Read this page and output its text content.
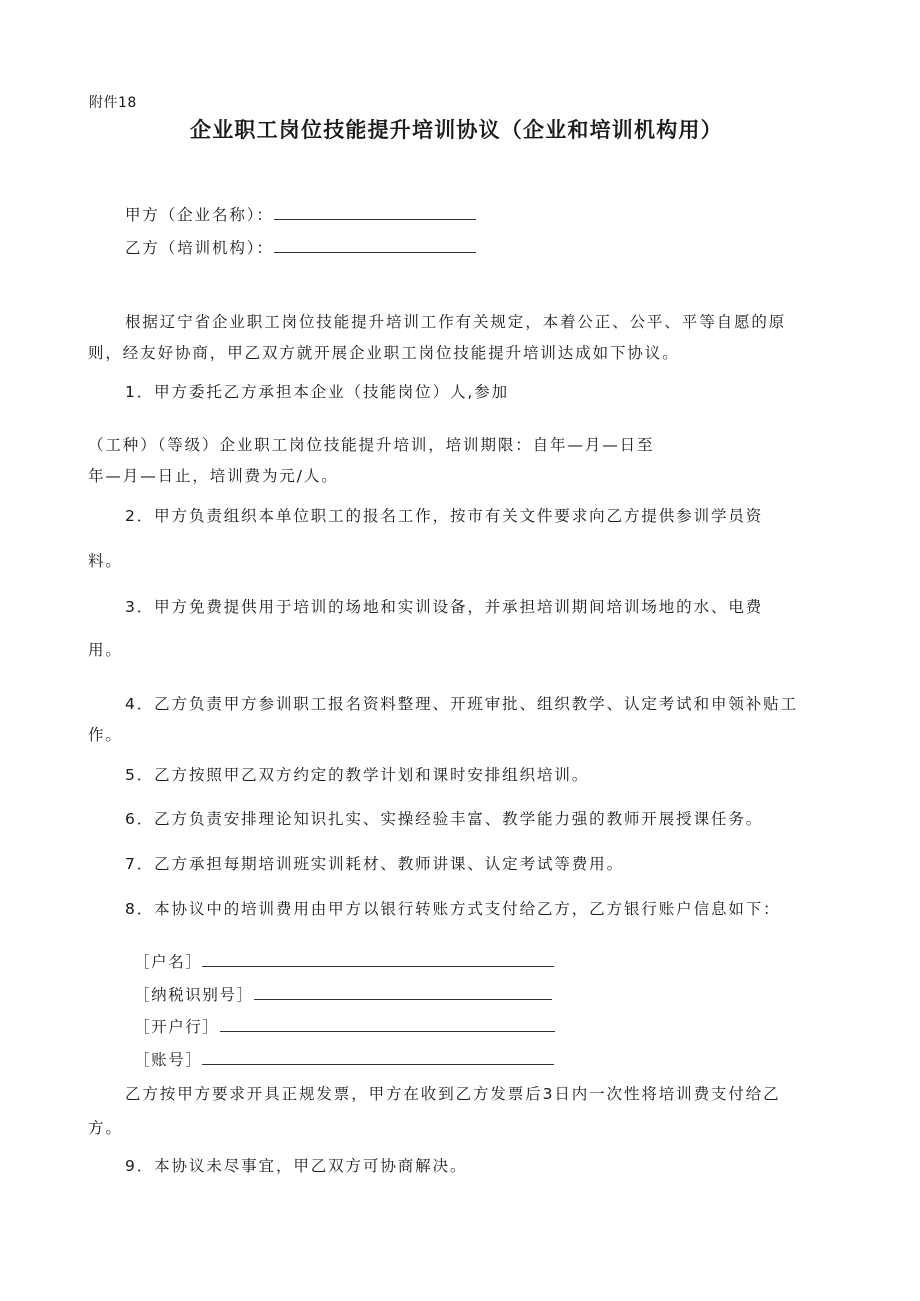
附件18
企业职工岗位技能提升培训协议（企业和培训机构用）
甲方（企业名称）：
乙方（培训机构）：
根据辽宁省企业职工岗位技能提升培训工作有关规定，本着公正、公平、平等自愿的原
则，经友好协商，甲乙双方就开展企业职工岗位技能提升培训达成如下协议。
1．甲方委托乙方承担本企业（技能岗位）人,参加
（工种）（等级）企业职工岗位技能提升培训，培训期限：自年—月—日至
年—月—日止，培训费为元/人。
2．甲方负责组织本单位职工的报名工作，按市有关文件要求向乙方提供参训学员资
料。
3．甲方免费提供用于培训的场地和实训设备，并承担培训期间培训场地的水、电费
用。
4．乙方负责甲方参训职工报名资料整理、开班审批、组织教学、认定考试和申领补贴工
作。
5．乙方按照甲乙双方约定的教学计划和课时安排组织培训。
6．乙方负责安排理论知识扎实、实操经验丰富、教学能力强的教师开展授课任务。
7．乙方承担每期培训班实训耗材、教师讲课、认定考试等费用。
8．本协议中的培训费用由甲方以银行转账方式支付给乙方，乙方银行账户信息如下：
［户名］
［纳税识别号］
［开户行］
［账号］
乙方按甲方要求开具正规发票，甲方在收到乙方发票后3日内一次性将培训费支付给乙
方。
9．本协议未尽事宜，甲乙双方可协商解决。
